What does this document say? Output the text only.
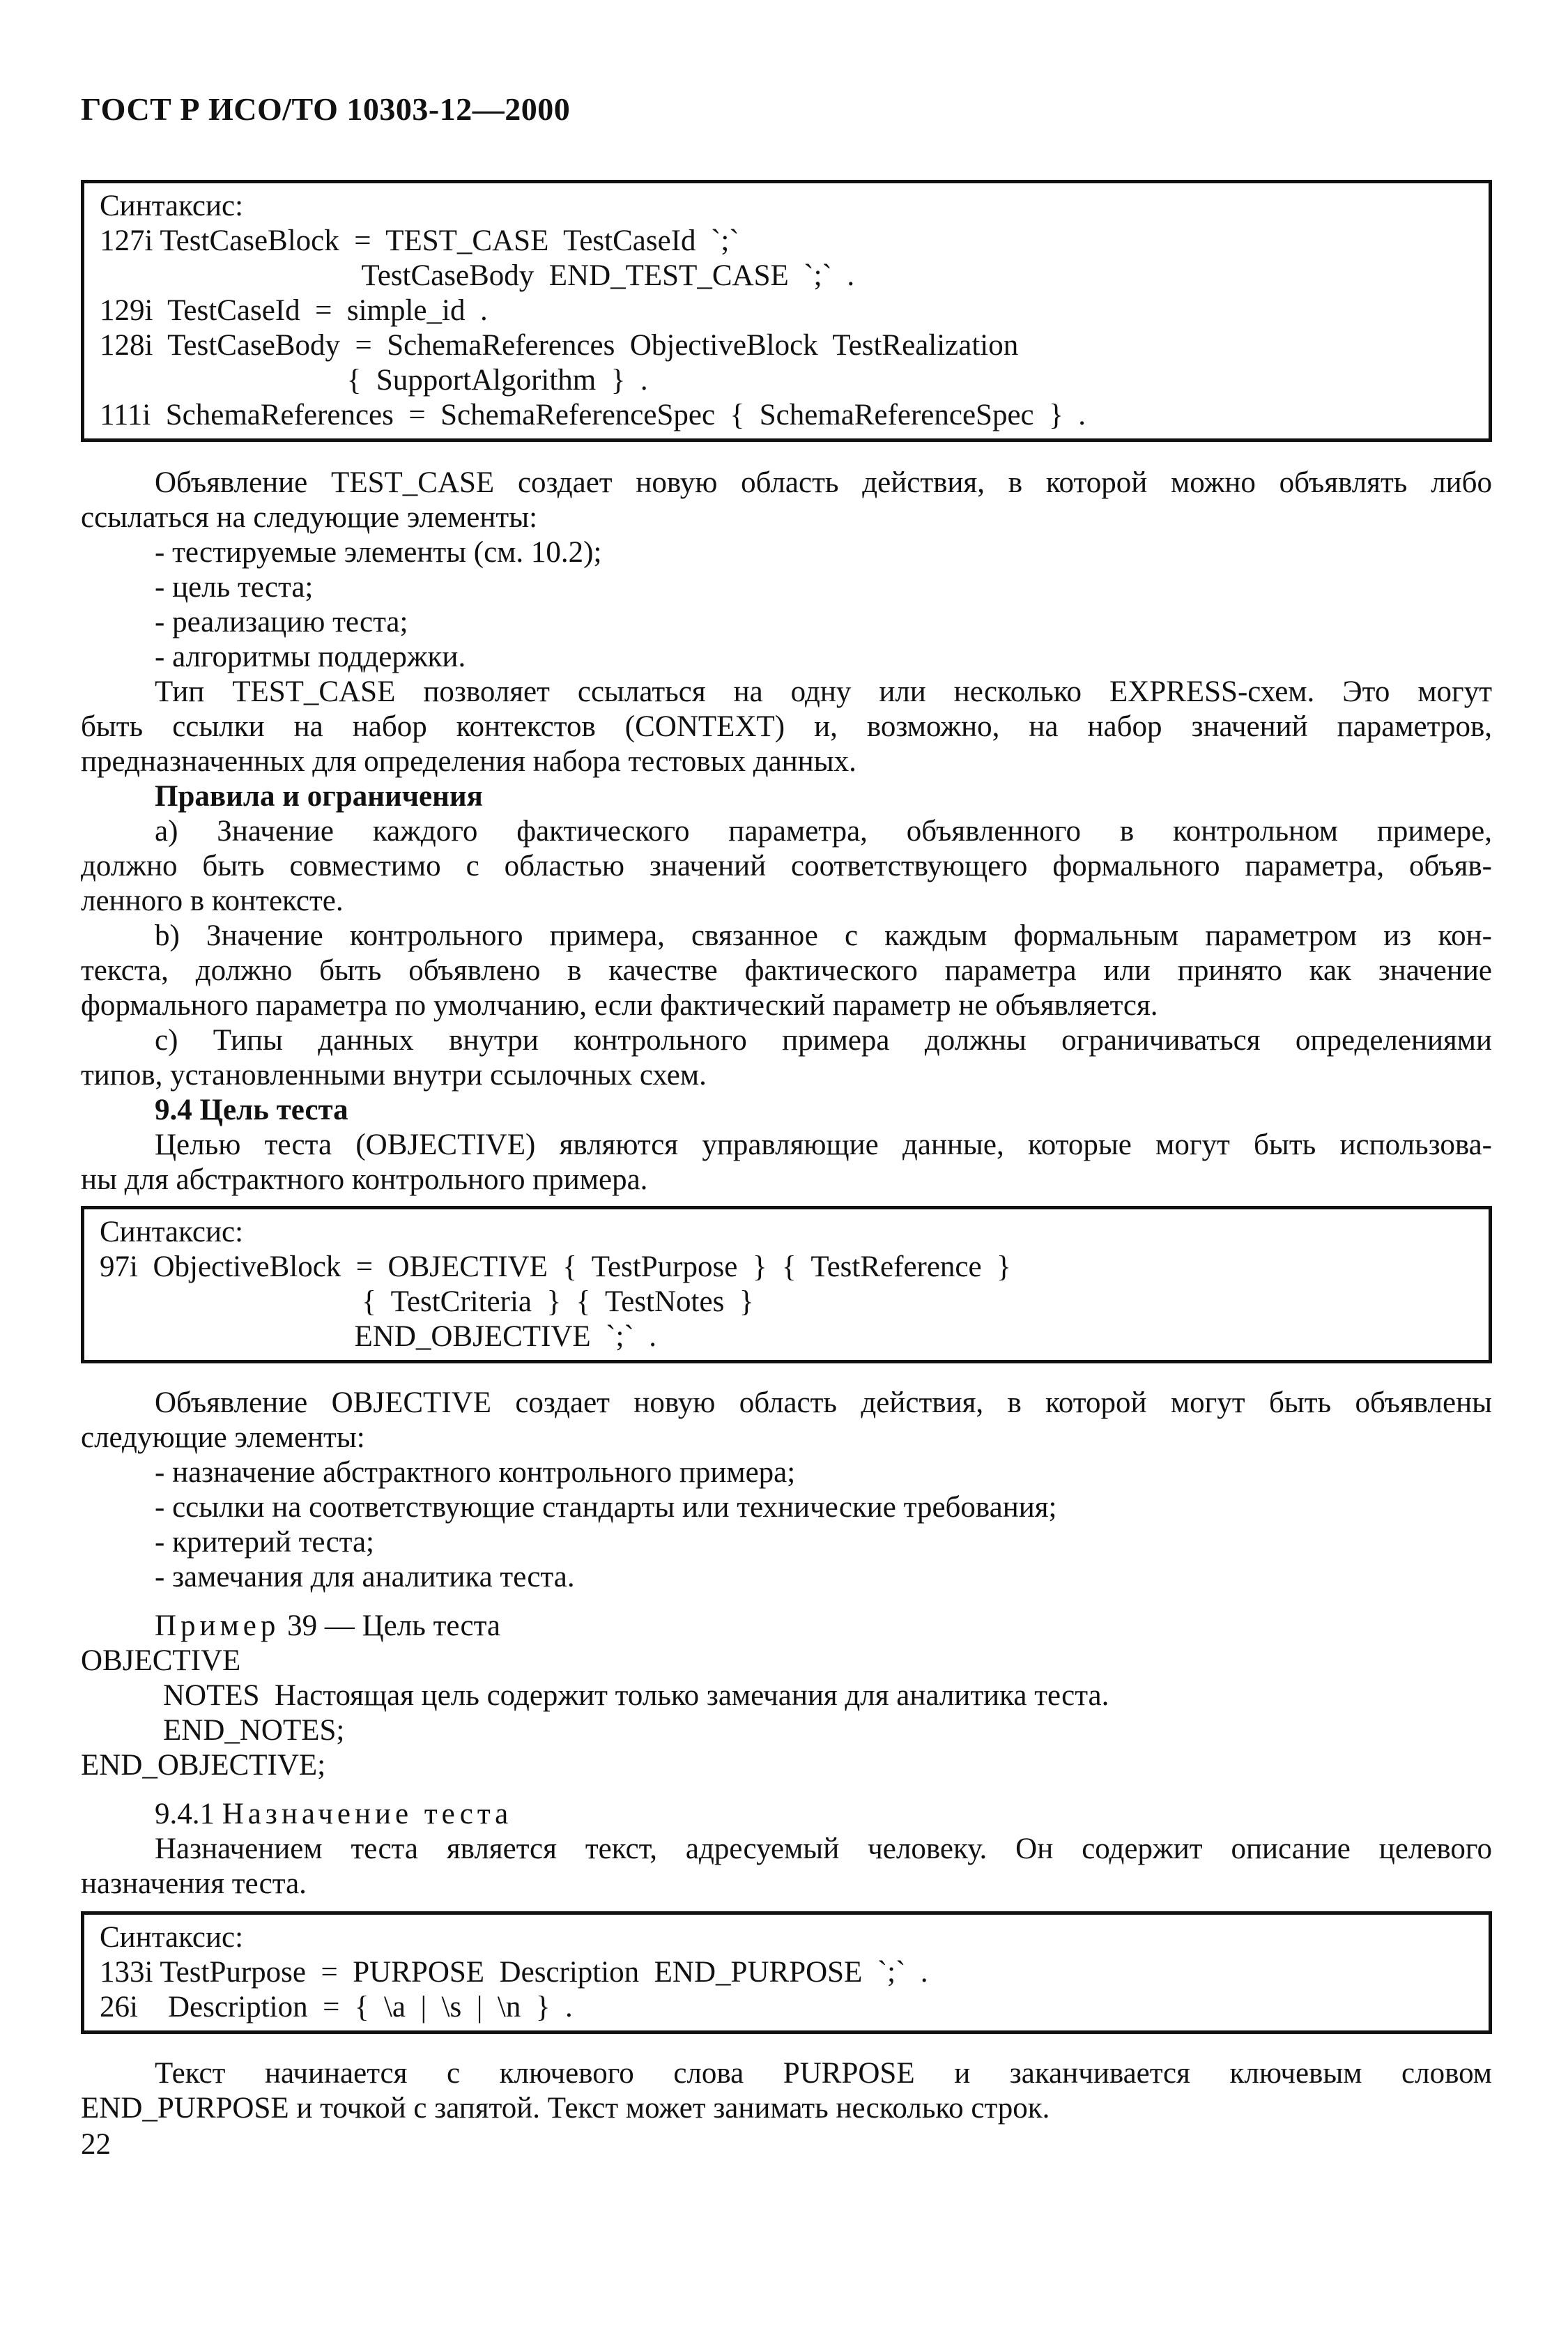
ГОСТ Р ИСО/ТО 10303-12—2000
Синтаксис:
127i TestCaseBlock  =  TEST_CASE  TestCaseId  `;`
TestCaseBody  END_TEST_CASE  `;`  .
129i  TestCaseId  =  simple_id  .
128i  TestCaseBody  =  SchemaReferences  ObjectiveBlock  TestRealization
{  SupportAlgorithm  }  .
111i  SchemaReferences  =  SchemaReferenceSpec  {  SchemaReferenceSpec  }  .
Объявление TEST_CASE создает новую область действия, в которой можно объявлять либо
ссылаться на следующие элементы:
- тестируемые элементы (см. 10.2);
- цель теста;
- реализацию теста;
- алгоритмы поддержки.
Тип TEST_CASE позволяет ссылаться на одну или несколько EXPRESS-схем. Это могут
быть ссылки на набор контекстов (CONTEXT) и, возможно, на набор значений параметров,
предназначенных для определения набора тестовых данных.
Правила и ограничения
а) Значение каждого фактического параметра, объявленного в контрольном примере,
должно быть совместимо с областью значений соответствующего формального параметра, объяв-
ленного в контексте.
b) Значение контрольного примера, связанное с каждым формальным параметром из кон-
текста, должно быть объявлено в качестве фактического параметра или принято как значение
формального параметра по умолчанию, если фактический параметр не объявляется.
с) Типы данных внутри контрольного примера должны ограничиваться определениями
типов, установленными внутри ссылочных схем.
9.4 Цель теста
Целью теста (OBJECTIVE) являются управляющие данные, которые могут быть использова-
ны для абстрактного контрольного примера.
Синтаксис:
97i  ObjectiveBlock  =  OBJECTIVE  {  TestPurpose  }  {  TestReference  }
{  TestCriteria  }  {  TestNotes  }
END_OBJECTIVE  `;`  .
Объявление OBJECTIVE создает новую область действия, в которой могут быть объявлены
следующие элементы:
- назначение абстрактного контрольного примера;
- ссылки на соответствующие стандарты или технические требования;
- критерий теста;
- замечания для аналитика теста.
Пример 39 — Цель теста
OBJECTIVE
NOTES  Настоящая цель содержит только замечания для аналитика теста.
END_NOTES;
END_OBJECTIVE;
9.4.1 Назначение теста
Назначением теста является текст, адресуемый человеку. Он содержит описание целевого
назначения теста.
Синтаксис:
133i TestPurpose  =  PURPOSE  Description  END_PURPOSE  `;`  .
26i    Description  =  {  \a  |  \s  |  \n  }  .
Текст начинается с ключевого слова PURPOSE и заканчивается ключевым словом
END_PURPOSE и точкой с запятой. Текст может занимать несколько строк.
22
